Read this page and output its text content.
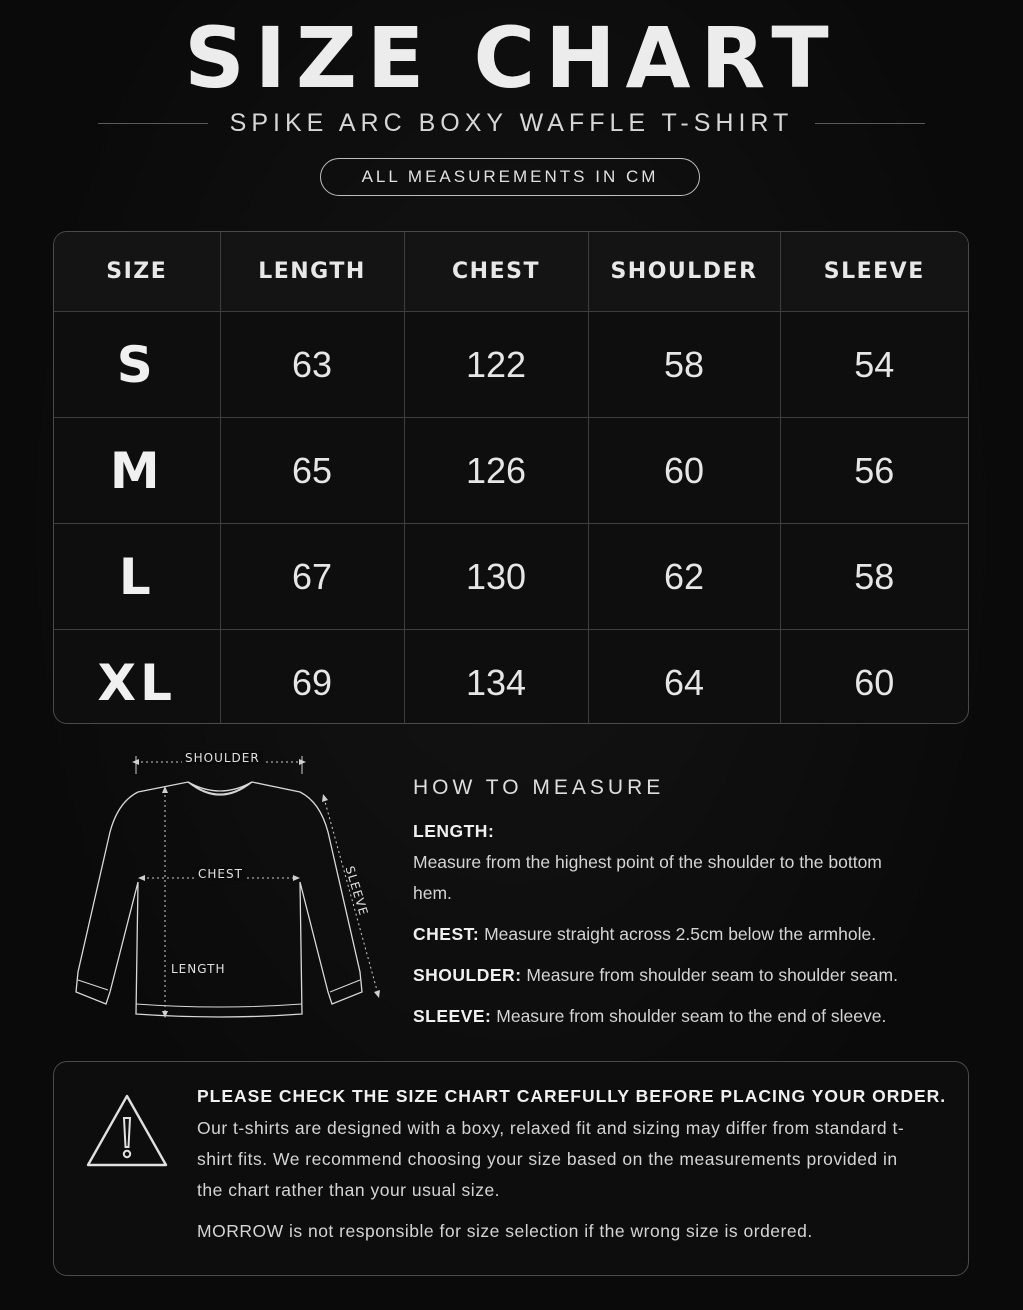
SIZE CHART
SPIKE ARC BOXY WAFFLE T-SHIRT
ALL MEASUREMENTS IN CM
SIZE	LENGTH	CHEST	SHOULDER	SLEEVE
S	63	122	58	54
M	65	126	60	56
L	67	130	62	58
XL	69	134	64	60
SHOULDER
CHEST
LENGTH
SLEEVE
HOW TO MEASURE

LENGTH: Measure from the highest point of the shoulder to the bottom hem.

CHEST: Measure straight across 2.5cm below the armhole.

SHOULDER: Measure from shoulder seam to shoulder seam.

SLEEVE: Measure from shoulder seam to the end of sleeve.

PLEASE CHECK THE SIZE CHART CAREFULLY BEFORE PLACING YOUR ORDER.

Our t-shirts are designed with a boxy, relaxed fit and sizing may differ from standard t-shirt fits. We recommend choosing your size based on the measurements provided in the chart rather than your usual size.

MORROW is not responsible for size selection if the wrong size is ordered.
